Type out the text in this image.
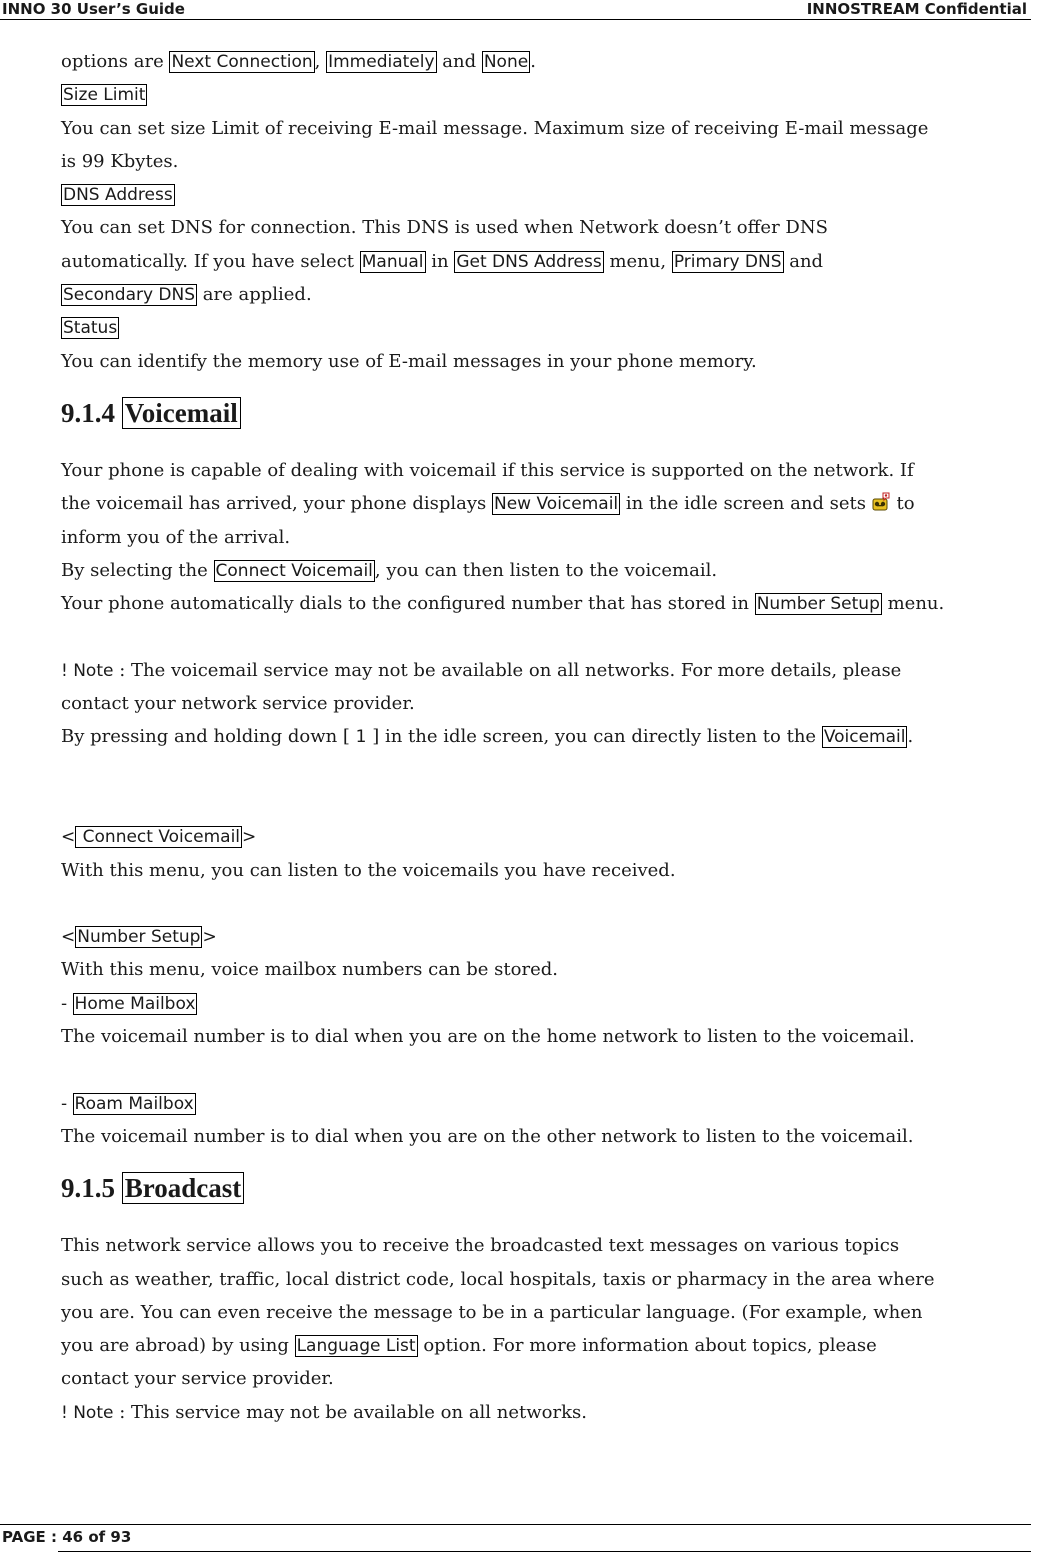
INNO 30 User’s Guide	INNOSTREAM Confidential
options are Next Connection , Immediately and None .
Size Limit
You can set size Limit of receiving E-mail message. Maximum size of receiving E-mail message
is 99 Kbytes.
DNS Address
You can set DNS for connection. This DNS is used when Network doesn’t offer DNS
automatically. If you have select Manual in Get DNS Address menu, Primary DNS and
Secondary DNS are applied.
Status
You can identify the memory use of E-mail messages in your phone memory.
9.1.4 Voicemail
Your phone is capable of dealing with voicemail if this service is supported on the network. If
the voicemail has arrived, your phone displays New Voicemail in the idle screen and sets  to
inform you of the arrival.
By selecting the Connect Voicemail , you can then listen to the voicemail.
Your phone automatically dials to the configured number that has stored in Number Setup menu.
! Note : The voicemail service may not be available on all networks. For more details, please
contact your network service provider.
By pressing and holding down [ 1 ] in the idle screen, you can directly listen to the Voicemail .
< Connect Voicemail >
With this menu, you can listen to the voicemails you have received.
< Number Setup >
With this menu, voice mailbox numbers can be stored.
- Home Mailbox
The voicemail number is to dial when you are on the home network to listen to the voicemail.
- Roam Mailbox
The voicemail number is to dial when you are on the other network to listen to the voicemail.
9.1.5 Broadcast
This network service allows you to receive the broadcasted text messages on various topics
such as weather, traffic, local district code, local hospitals, taxis or pharmacy in the area where
you are. You can even receive the message to be in a particular language. (For example, when
you are abroad) by using Language List option. For more information about topics, please
contact your service provider.
! Note : This service may not be available on all networks.
PAGE : 46 of 93
